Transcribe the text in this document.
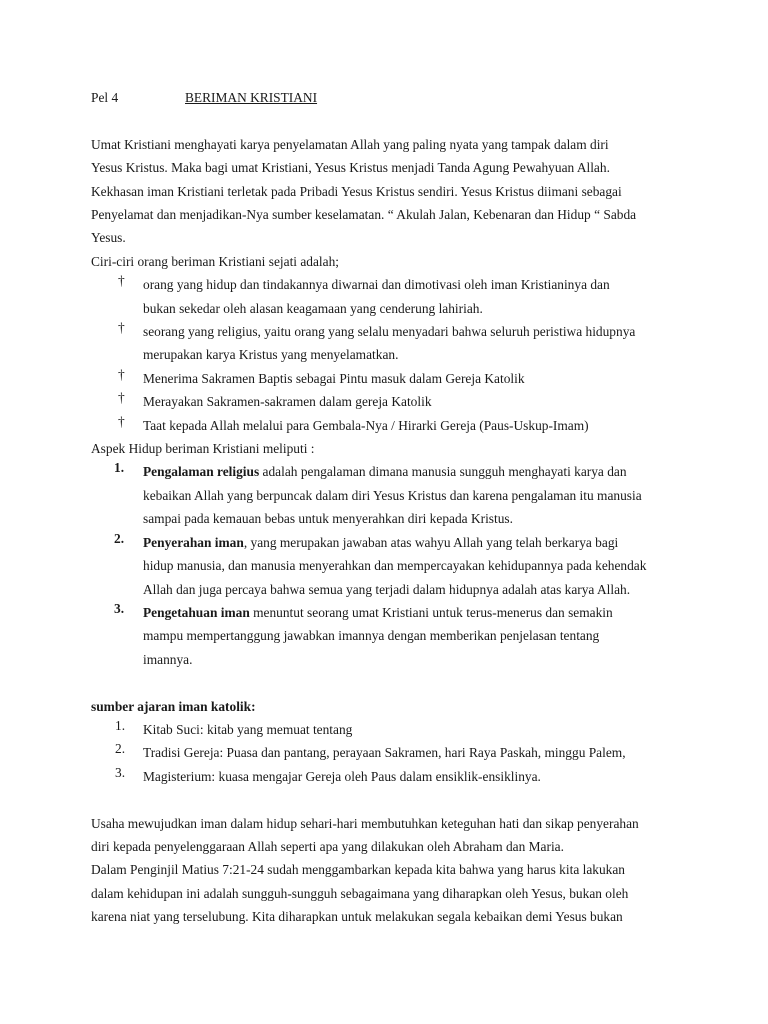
Pel 4	BERIMAN KRISTIANI
Umat Kristiani menghayati karya penyelamatan Allah yang paling nyata yang tampak dalam diri
Yesus Kristus. Maka bagi umat Kristiani, Yesus Kristus menjadi Tanda Agung Pewahyuan Allah.
Kekhasan iman Kristiani terletak pada Pribadi Yesus Kristus sendiri. Yesus Kristus diimani sebagai
Penyelamat dan menjadikan-Nya sumber keselamatan. “ Akulah Jalan, Kebenaran dan Hidup “ Sabda
Yesus.
Ciri-ciri orang beriman Kristiani sejati adalah;
† orang yang hidup dan tindakannya diwarnai dan dimotivasi oleh iman Kristianinya dan
bukan sekedar oleh alasan keagamaan yang cenderung lahiriah.
† seorang yang religius, yaitu orang yang selalu menyadari bahwa seluruh peristiwa hidupnya
merupakan karya Kristus yang menyelamatkan.
† Menerima Sakramen Baptis sebagai Pintu masuk dalam Gereja Katolik
† Merayakan Sakramen-sakramen dalam gereja Katolik
† Taat kepada Allah melalui para Gembala-Nya / Hirarki Gereja (Paus-Uskup-Imam)
Aspek Hidup beriman Kristiani meliputi :
1. Pengalaman religius adalah pengalaman dimana manusia sungguh menghayati karya dan
kebaikan Allah yang berpuncak dalam diri Yesus Kristus dan karena pengalaman itu manusia
sampai pada kemauan bebas untuk menyerahkan diri kepada Kristus.
2. Penyerahan iman, yang merupakan jawaban atas wahyu Allah yang telah berkarya bagi
hidup manusia, dan manusia menyerahkan dan mempercayakan kehidupannya pada kehendak
Allah dan juga percaya bahwa semua yang terjadi dalam hidupnya adalah atas karya Allah.
3. Pengetahuan iman menuntut seorang umat Kristiani untuk terus-menerus dan semakin
mampu mempertanggung jawabkan imannya dengan memberikan penjelasan tentang
imannya.
sumber ajaran iman katolik:
1. Kitab Suci: kitab yang memuat tentang
2. Tradisi Gereja: Puasa dan pantang, perayaan Sakramen, hari Raya Paskah, minggu Palem,
3. Magisterium: kuasa mengajar Gereja oleh Paus dalam ensiklik-ensiklinya.
Usaha mewujudkan iman dalam hidup sehari-hari membutuhkan keteguhan hati dan sikap penyerahan
diri kepada penyelenggaraan Allah seperti apa yang dilakukan oleh Abraham dan Maria.
Dalam Penginjil Matius 7:21-24 sudah menggambarkan kepada kita bahwa yang harus kita lakukan
dalam kehidupan ini adalah sungguh-sungguh sebagaimana yang diharapkan oleh Yesus, bukan oleh
karena niat yang terselubung. Kita diharapkan untuk melakukan segala kebaikan demi Yesus bukan
